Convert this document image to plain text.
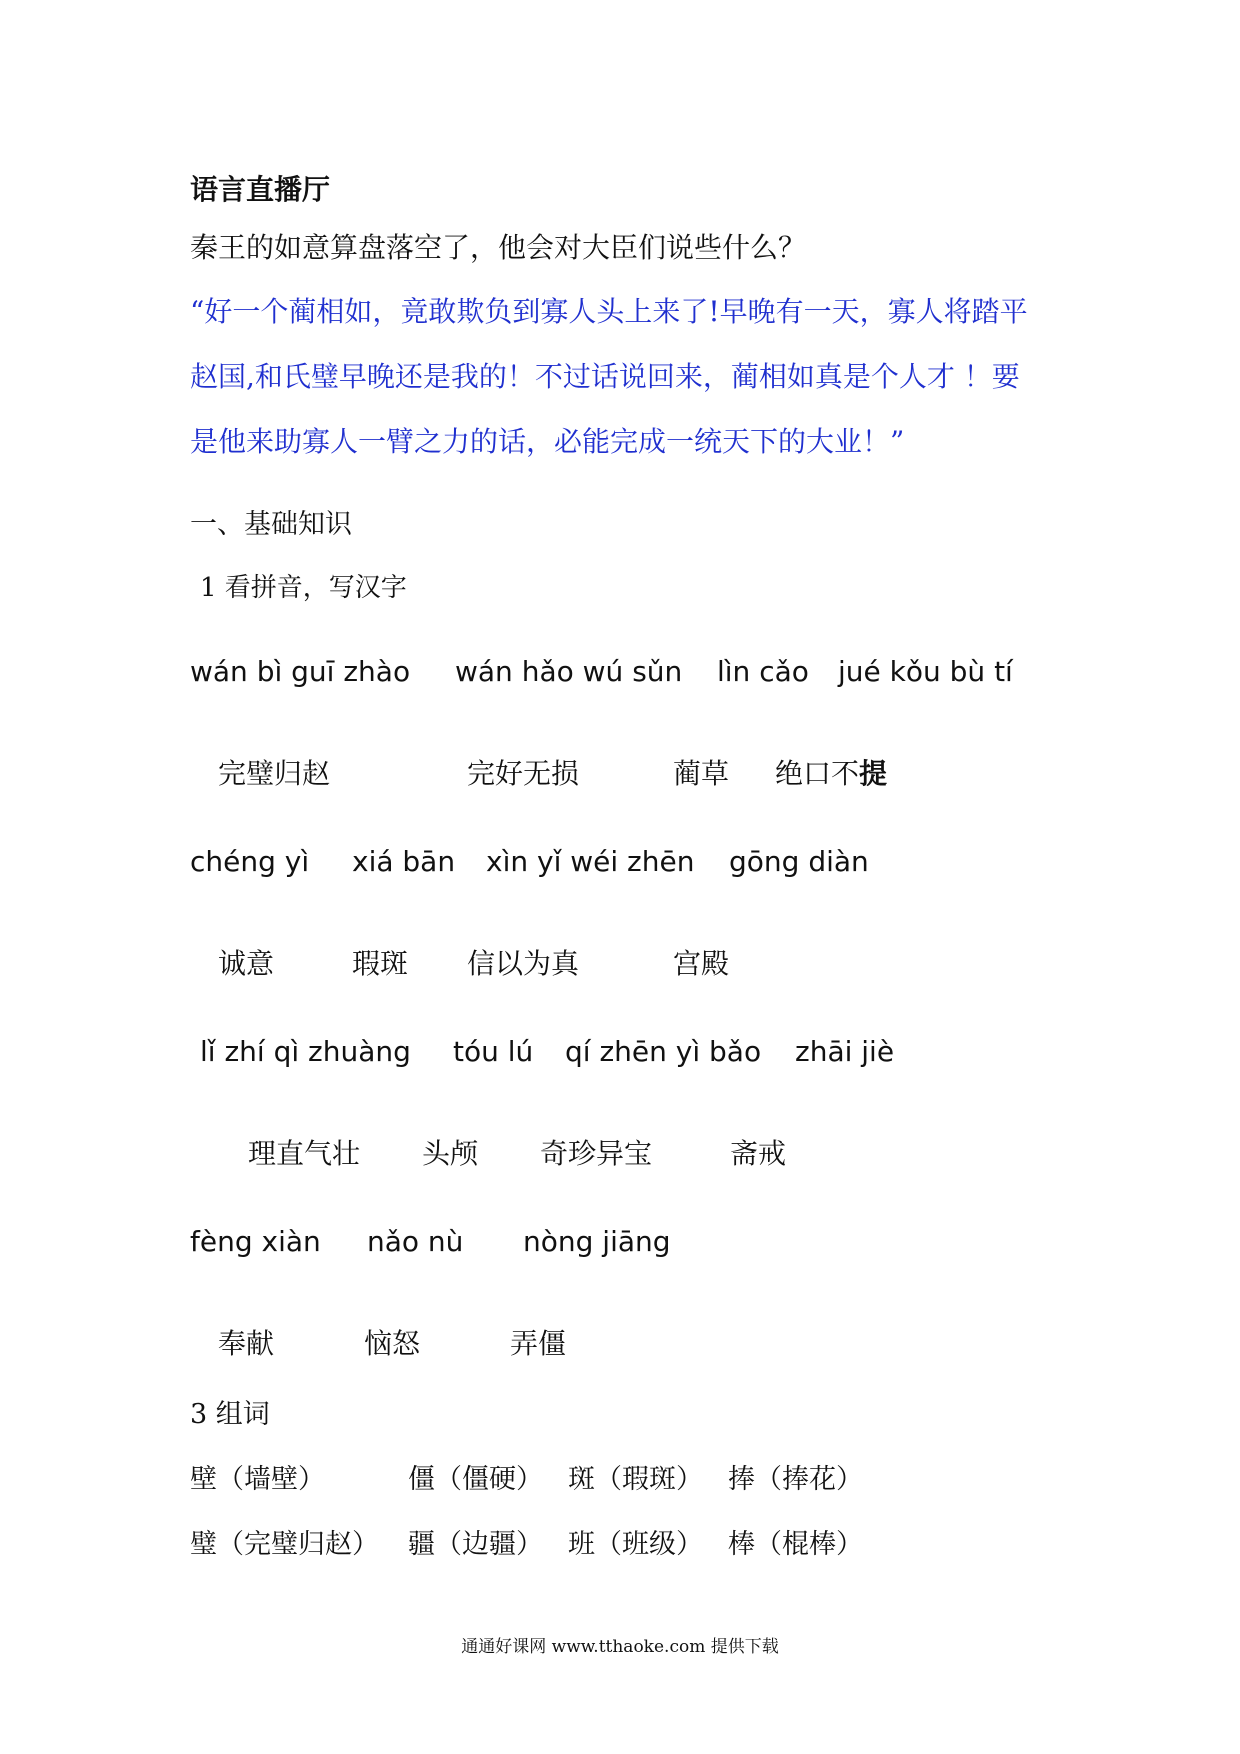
语言直播厅
秦王的如意算盘落空了，他会对大臣们说些什么？
“好一个蔺相如，竟敢欺负到寡人头上来了!早晚有一天，寡人将踏平
赵国,和氏璧早晚还是我的！不过话说回来，蔺相如真是个人才 ！要
是他来助寡人一臂之力的话，必能完成一统天下的大业！”
一、基础知识
1 看拼音，写汉字
wán bì guī zhào wán hǎo wú sǔn lìn cǎo jué kǒu bù tí
完璧归赵	完好无损	蔺草 绝口不提
chéng yì xiá bān xìn yǐ wéi zhēn gōng diàn
诚意	瑕斑 信以为真	宫殿
lǐ zhí qì zhuàng tóu lú qí zhēn yì bǎo zhāi jiè
理直气壮 头颅 奇珍异宝	斋戒
fèng xiàn nǎo nù nòng jiāng
奉献	恼怒	弄僵
3 组词
壁（墙壁）	僵（僵硬） 斑（瑕斑） 捧（捧花）
璧（完璧归赵） 疆（边疆） 班（班级） 棒（棍棒）
通通好课网 www.tthaoke.com 提供下载
